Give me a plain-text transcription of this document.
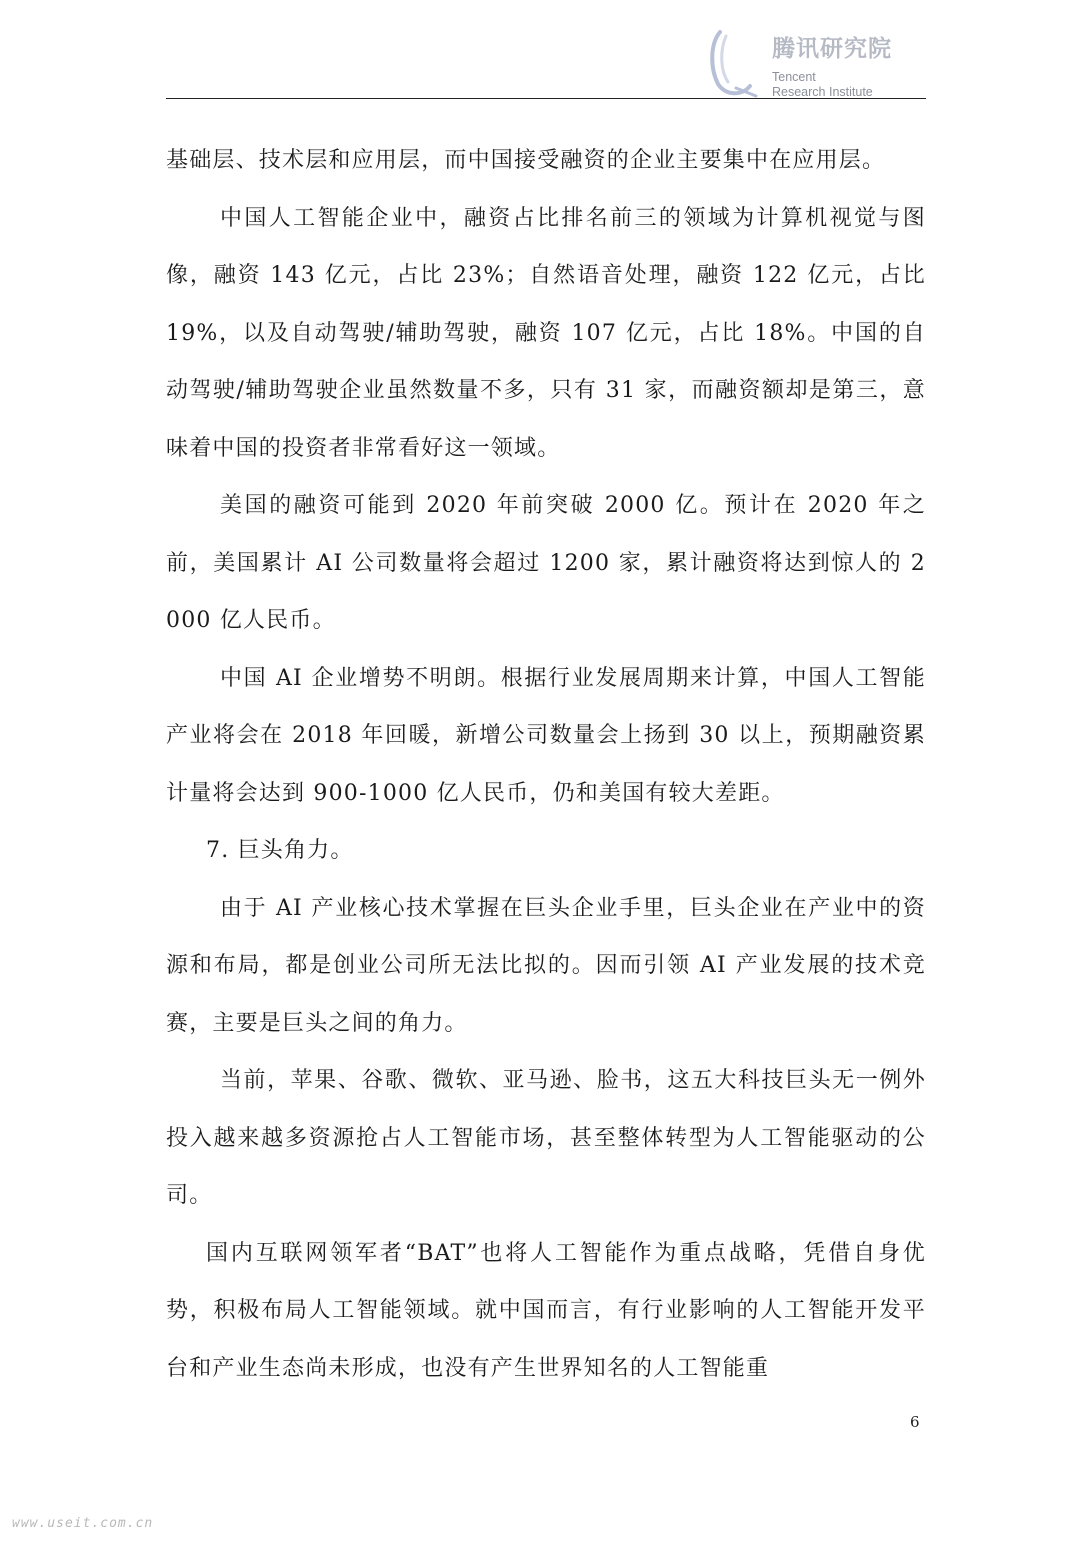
腾讯研究院
Tencent
Research Institute

基础层、技术层和应用层，而中国接受融资的企业主要集中在应用层。

中国人工智能企业中，融资占比排名前三的领域为计算机视觉与图像，融资 143 亿元，占比 23%；自然语音处理，融资 122 亿元，占比 19%，以及自动驾驶/辅助驾驶，融资 107 亿元，占比 18%。中国的自动驾驶/辅助驾驶企业虽然数量不多，只有 31 家，而融资额却是第三，意味着中国的投资者非常看好这一领域。

美国的融资可能到 2020 年前突破 2000 亿。预计在 2020 年之前，美国累计 AI 公司数量将会超过 1200 家，累计融资将达到惊人的 2000 亿人民币。

中国 AI 企业增势不明朗。根据行业发展周期来计算，中国人工智能产业将会在 2018 年回暖，新增公司数量会上扬到 30 以上，预期融资累计量将会达到 900-1000 亿人民币，仍和美国有较大差距。

7. 巨头角力。

由于 AI 产业核心技术掌握在巨头企业手里，巨头企业在产业中的资源和布局，都是创业公司所无法比拟的。因而引领 AI 产业发展的技术竞赛，主要是巨头之间的角力。

当前，苹果、谷歌、微软、亚马逊、脸书，这五大科技巨头无一例外投入越来越多资源抢占人工智能市场，甚至整体转型为人工智能驱动的公司。

国内互联网领军者“BAT”也将人工智能作为重点战略，凭借自身优势，积极布局人工智能领域。就中国而言，有行业影响的人工智能开发平台和产业生态尚未形成，也没有产生世界知名的人工智能重

6
www.useit.com.cn
